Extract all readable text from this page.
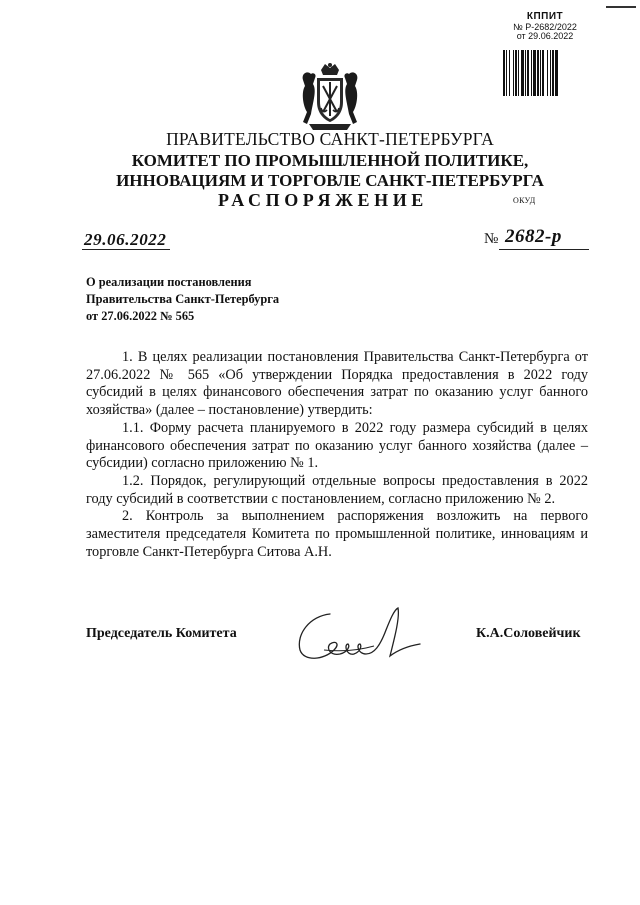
КППИТ
№ Р-2682/2022
от 29.06.2022
ПРАВИТЕЛЬСТВО САНКТ-ПЕТЕРБУРГА
КОМИТЕТ ПО ПРОМЫШЛЕННОЙ ПОЛИТИКЕ,
ИННОВАЦИЯМ И ТОРГОВЛЕ САНКТ-ПЕТЕРБУРГА
РАСПОРЯЖЕНИЕ	ОКУД
29.06.2022	№ 2682-р
О реализации постановления
Правительства Санкт-Петербурга
от 27.06.2022 № 565

1. В целях реализации постановления Правительства Санкт-Петербурга от 27.06.2022 № 565 «Об утверждении Порядка предоставления в 2022 году субсидий в целях финансового обеспечения затрат по оказанию услуг банного хозяйства» (далее – постановление) утвердить:

1.1. Форму расчета планируемого в 2022 году размера субсидий в целях финансового обеспечения затрат по оказанию услуг банного хозяйства (далее – субсидии) согласно приложению № 1.

1.2. Порядок, регулирующий отдельные вопросы предоставления в 2022 году субсидий в соответствии с постановлением, согласно приложению № 2.

2. Контроль за выполнением распоряжения возложить на первого заместителя председателя Комитета по промышленной политике, инновациям и торговле Санкт-Петербурга Ситова А.Н.

Председатель Комитета	К.А.Соловейчик
